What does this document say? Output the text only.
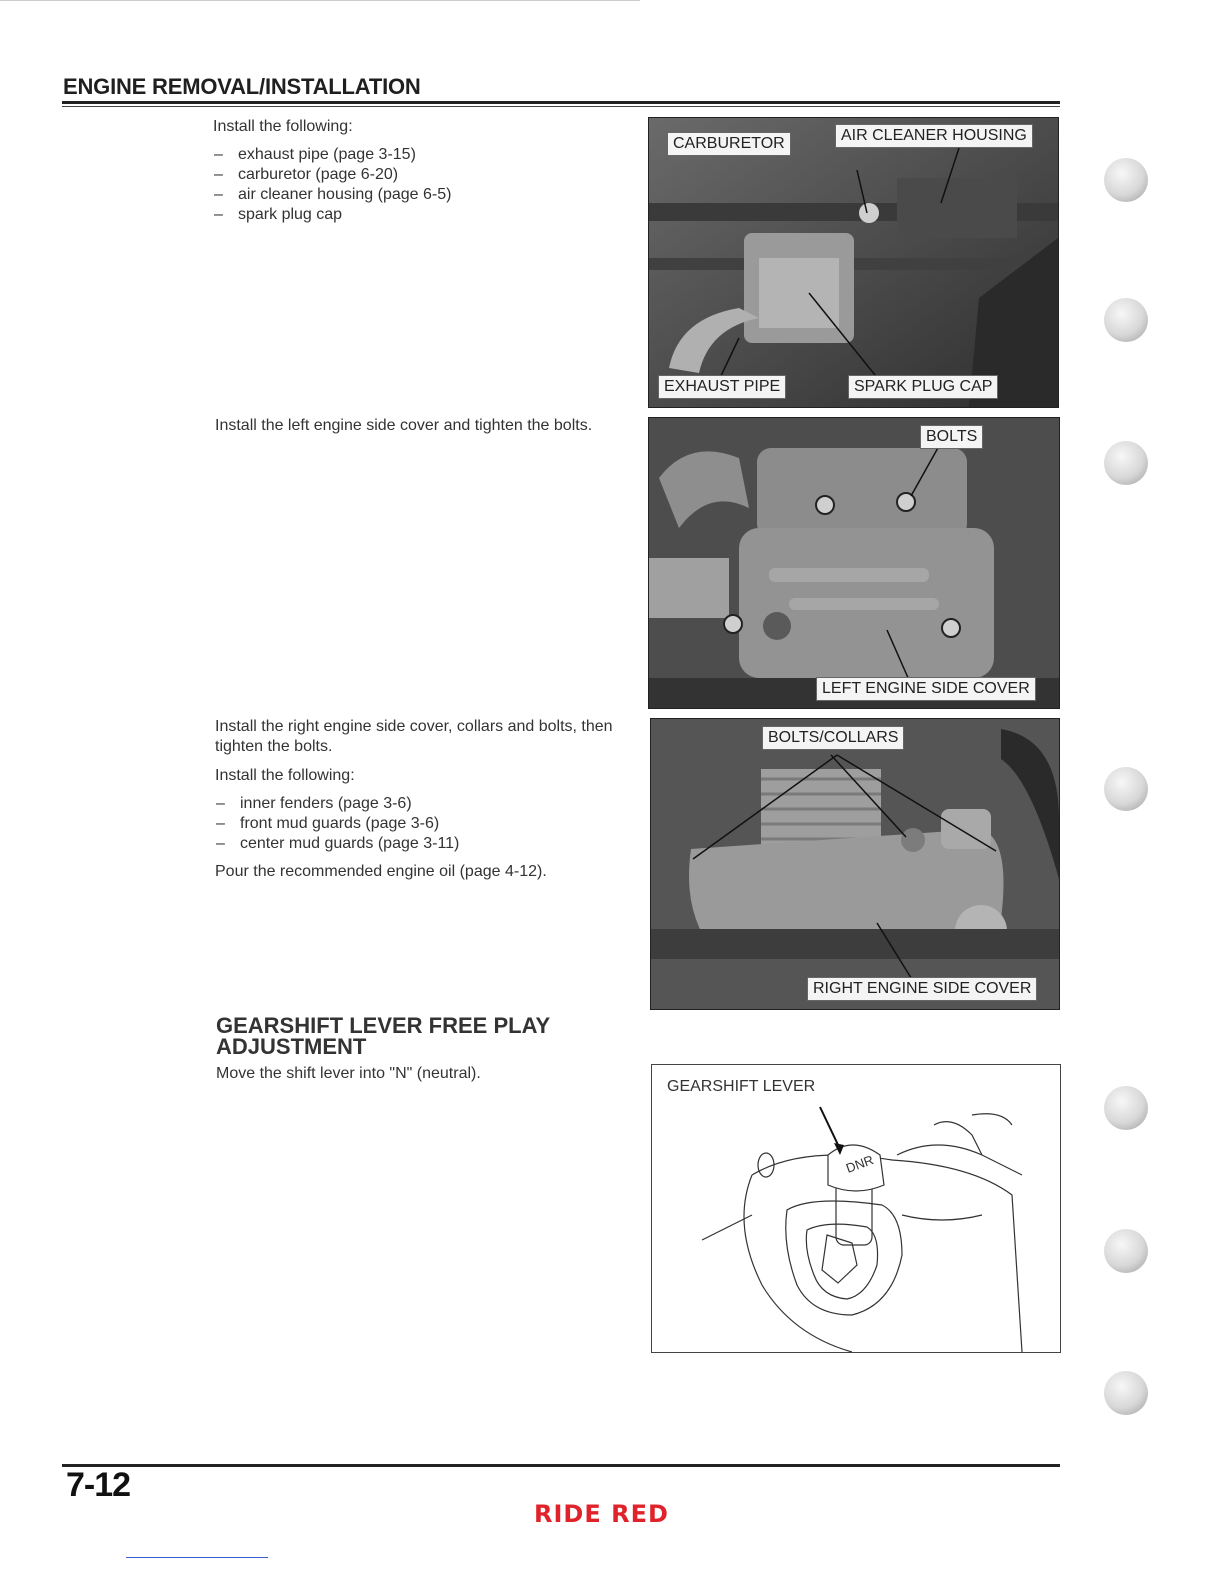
ENGINE REMOVAL/INSTALLATION
Install the following:
– exhaust pipe (page 3-15)
– carburetor (page 6-20)
– air cleaner housing (page 6-5)
– spark plug cap
Install the left engine side cover and tighten the bolts.
Install the right engine side cover, collars and bolts, then tighten the bolts.
Install the following:
– inner fenders (page 3-6)
– front mud guards (page 3-6)
– center mud guards (page 3-11)
Pour the recommended engine oil (page 4-12).
GEARSHIFT LEVER FREE PLAY
ADJUSTMENT
Move the shift lever into "N" (neutral).
CARBURETOR	AIR CLEANER HOUSING
EXHAUST PIPE	SPARK PLUG CAP
BOLTS
LEFT ENGINE SIDE COVER
BOLTS/COLLARS
RIGHT ENGINE SIDE COVER
DNR
GEARSHIFT LEVER
7-12
RIDE RED
